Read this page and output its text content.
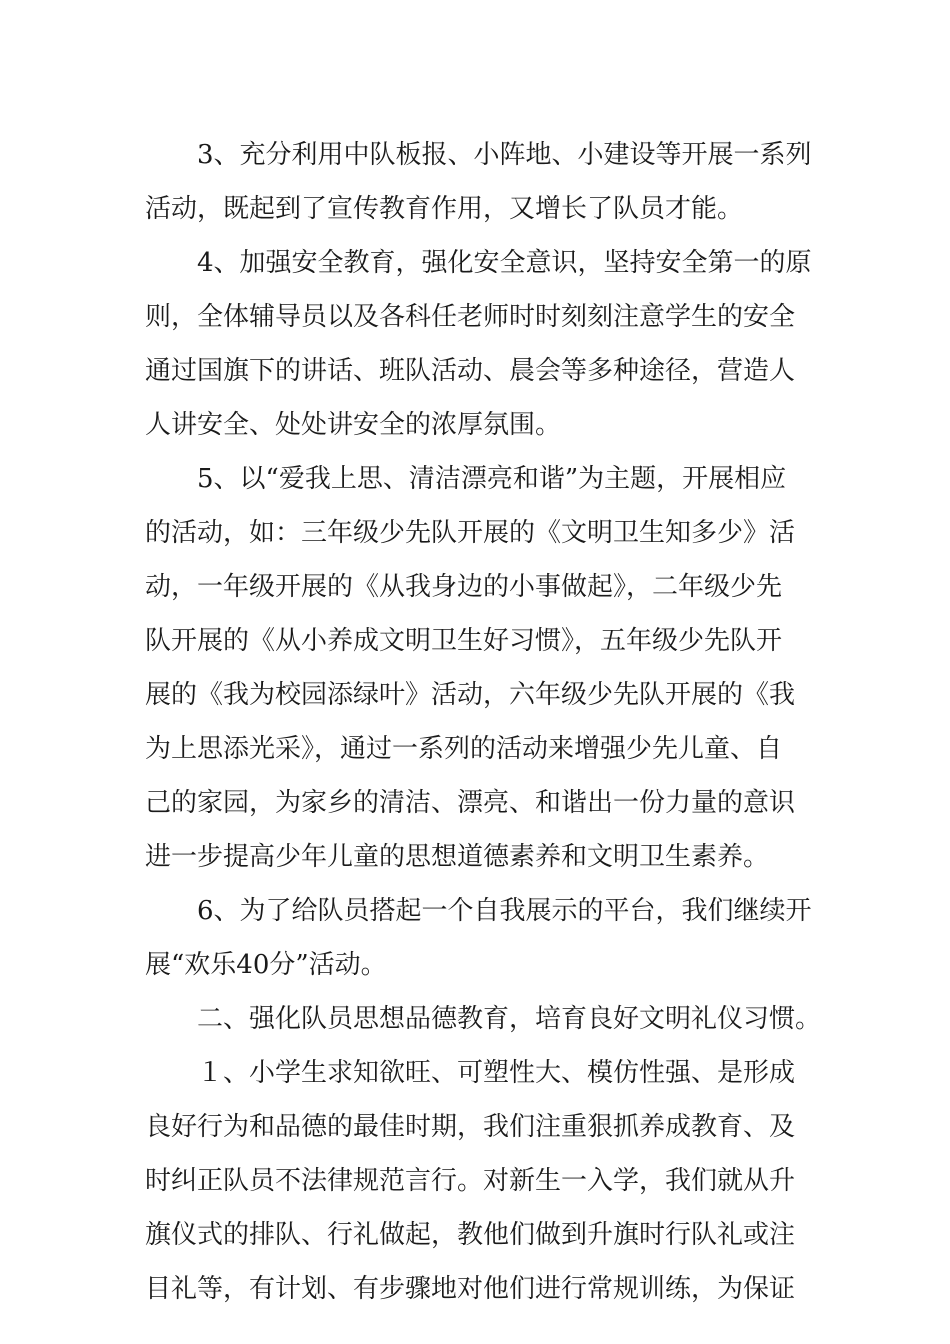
3、充分利用中队板报、小阵地、小建设等开展一系列
活动，既起到了宣传教育作用，又增长了队员才能。
4、加强安全教育，强化安全意识，坚持安全第一的原
则，全体辅导员以及各科任老师时时刻刻注意学生的安全
通过国旗下的讲话、班队活动、晨会等多种途径，营造人
人讲安全、处处讲安全的浓厚氛围。
5、以“爱我上思、清洁漂亮和谐”为主题，开展相应
的活动，如：三年级少先队开展的《文明卫生知多少》活
动，一年级开展的《从我身边的小事做起》，二年级少先
队开展的《从小养成文明卫生好习惯》，五年级少先队开
展的《我为校园添绿叶》活动，六年级少先队开展的《我
为上思添光采》，通过一系列的活动来增强少先儿童、自
己的家园，为家乡的清洁、漂亮、和谐出一份力量的意识
进一步提高少年儿童的思想道德素养和文明卫生素养。
6、为了给队员搭起一个自我展示的平台，我们继续开
展“欢乐40分”活动。
二、强化队员思想品德教育，培育良好文明礼仪习惯。
１、小学生求知欲旺、可塑性大、模仿性强、是形成
良好行为和品德的最佳时期，我们注重狠抓养成教育、及
时纠正队员不法律规范言行。对新生一入学，我们就从升
旗仪式的排队、行礼做起，教他们做到升旗时行队礼或注
目礼等，有计划、有步骤地对他们进行常规训练，为保证
